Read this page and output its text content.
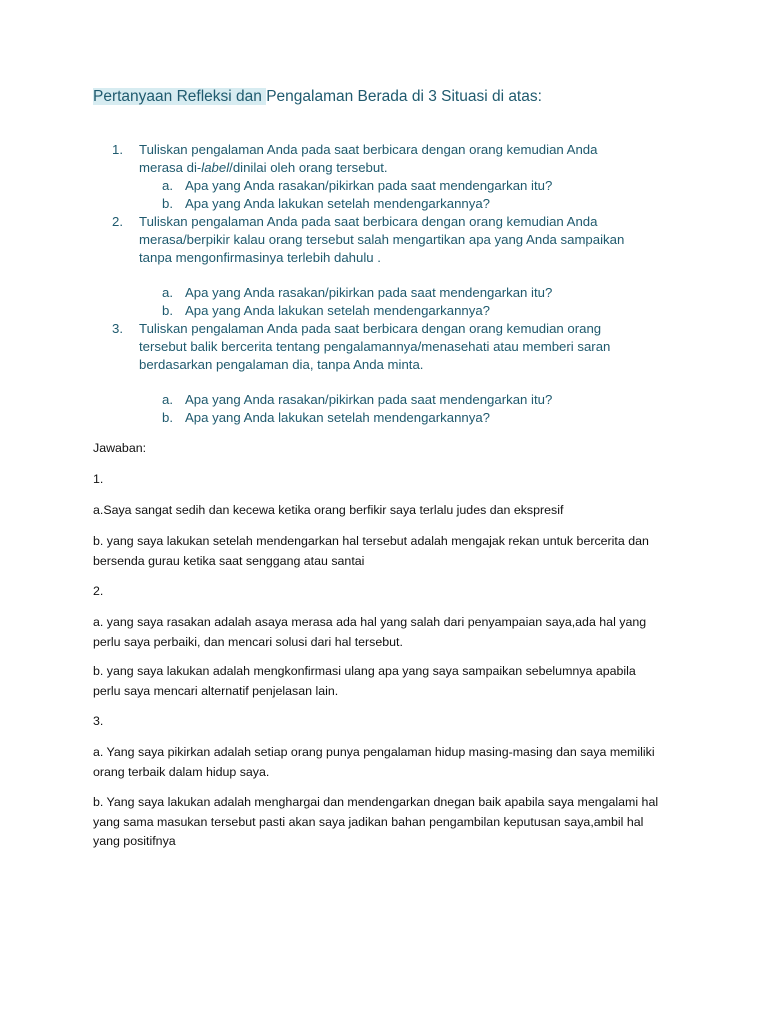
Pertanyaan Refleksi dan Pengalaman Berada di 3 Situasi di atas:
1. Tuliskan pengalaman Anda pada saat berbicara dengan orang kemudian Anda
merasa di-label/dinilai oleh orang tersebut.
a. Apa yang Anda rasakan/pikirkan pada saat mendengarkan itu?
b. Apa yang Anda lakukan setelah mendengarkannya?
2. Tuliskan pengalaman Anda pada saat berbicara dengan orang kemudian Anda
merasa/berpikir kalau orang tersebut salah mengartikan apa yang Anda sampaikan
tanpa mengonfirmasinya terlebih dahulu .
a. Apa yang Anda rasakan/pikirkan pada saat mendengarkan itu?
b. Apa yang Anda lakukan setelah mendengarkannya?
3. Tuliskan pengalaman Anda pada saat berbicara dengan orang kemudian orang
tersebut balik bercerita tentang pengalamannya/menasehati atau memberi saran
berdasarkan pengalaman dia, tanpa Anda minta.
a. Apa yang Anda rasakan/pikirkan pada saat mendengarkan itu?
b. Apa yang Anda lakukan setelah mendengarkannya?
Jawaban:
1.
a.Saya sangat sedih dan kecewa ketika orang berfikir saya terlalu judes dan ekspresif
b. yang saya lakukan setelah mendengarkan hal tersebut adalah mengajak rekan untuk bercerita dan
bersenda gurau ketika saat senggang atau santai
2.
a. yang saya rasakan adalah asaya merasa ada hal yang salah dari penyampaian saya,ada hal yang
perlu saya perbaiki, dan mencari solusi dari hal tersebut.
b. yang saya lakukan adalah mengkonfirmasi ulang apa yang saya sampaikan sebelumnya apabila
perlu saya mencari alternatif penjelasan lain.
3.
a. Yang saya pikirkan adalah setiap orang punya pengalaman hidup masing-masing dan saya memiliki
orang terbaik dalam hidup saya.
b. Yang saya lakukan adalah menghargai dan mendengarkan dnegan baik apabila saya mengalami hal
yang sama masukan tersebut pasti akan saya jadikan bahan pengambilan keputusan saya,ambil hal
yang positifnya
